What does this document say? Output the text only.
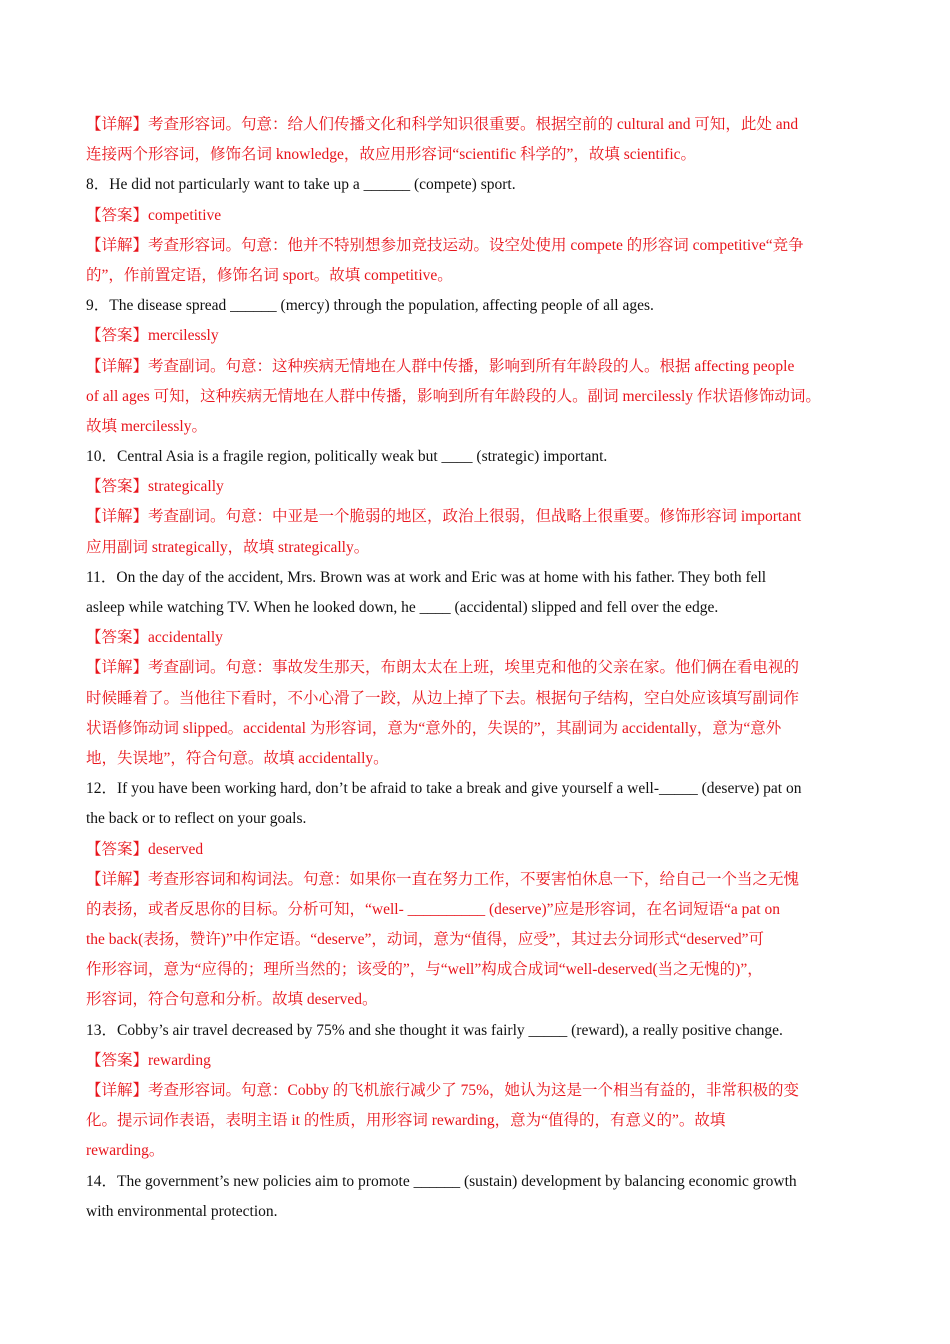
【详解】考查形容词。句意：给人们传播文化和科学知识很重要。根据空前的 cultural and 可知，此处 and
连接两个形容词，修饰名词 knowledge，故应用形容词“scientific 科学的”，故填 scientific。
8．He did not particularly want to take up a ______ (compete) sport.
【答案】competitive
【详解】考查形容词。句意：他并不特别想参加竞技运动。设空处使用 compete 的形容词 competitive“竞争
的”，作前置定语，修饰名词 sport。故填 competitive。
9．The disease spread ______ (mercy) through the population, affecting people of all ages.
【答案】mercilessly
【详解】考查副词。句意：这种疾病无情地在人群中传播，影响到所有年龄段的人。根据 affecting people
of all ages 可知，这种疾病无情地在人群中传播，影响到所有年龄段的人。副词 mercilessly 作状语修饰动词。
故填 mercilessly。
10．Central Asia is a fragile region, politically weak but ____ (strategic) important.
【答案】strategically
【详解】考查副词。句意：中亚是一个脆弱的地区，政治上很弱，但战略上很重要。修饰形容词 important
应用副词 strategically，故填 strategically。
11．On the day of the accident, Mrs. Brown was at work and Eric was at home with his father. They both fell
asleep while watching TV. When he looked down, he ____ (accidental) slipped and fell over the edge.
【答案】accidentally
【详解】考查副词。句意：事故发生那天，布朗太太在上班，埃里克和他的父亲在家。他们俩在看电视的
时候睡着了。当他往下看时，不小心滑了一跤，从边上掉了下去。根据句子结构，空白处应该填写副词作
状语修饰动词 slipped。accidental 为形容词，意为“意外的，失误的”，其副词为 accidentally，意为“意外
地，失误地”，符合句意。故填 accidentally。
12．If you have been working hard, don’t be afraid to take a break and give yourself a well-_____ (deserve) pat on
the back or to reflect on your goals.
【答案】deserved
【详解】考查形容词和构词法。句意：如果你一直在努力工作，不要害怕休息一下，给自己一个当之无愧
的表扬，或者反思你的目标。分析可知，“well- __________ (deserve)”应是形容词，在名词短语“a pat on
the back(表扬，赞许)”中作定语。“deserve”，动词，意为“值得，应受”，其过去分词形式“deserved”可
作形容词，意为“应得的；理所当然的；该受的”，与“well”构成合成词“well-deserved(当之无愧的)”，
形容词，符合句意和分析。故填 deserved。
13．Cobby’s air travel decreased by 75% and she thought it was fairly _____ (reward), a really positive change.
【答案】rewarding
【详解】考查形容词。句意：Cobby 的飞机旅行减少了 75%，她认为这是一个相当有益的，非常积极的变
化。提示词作表语，表明主语 it 的性质，用形容词 rewarding，意为“值得的，有意义的”。故填
rewarding。
14．The government’s new policies aim to promote ______ (sustain) development by balancing economic growth
with environmental protection.
